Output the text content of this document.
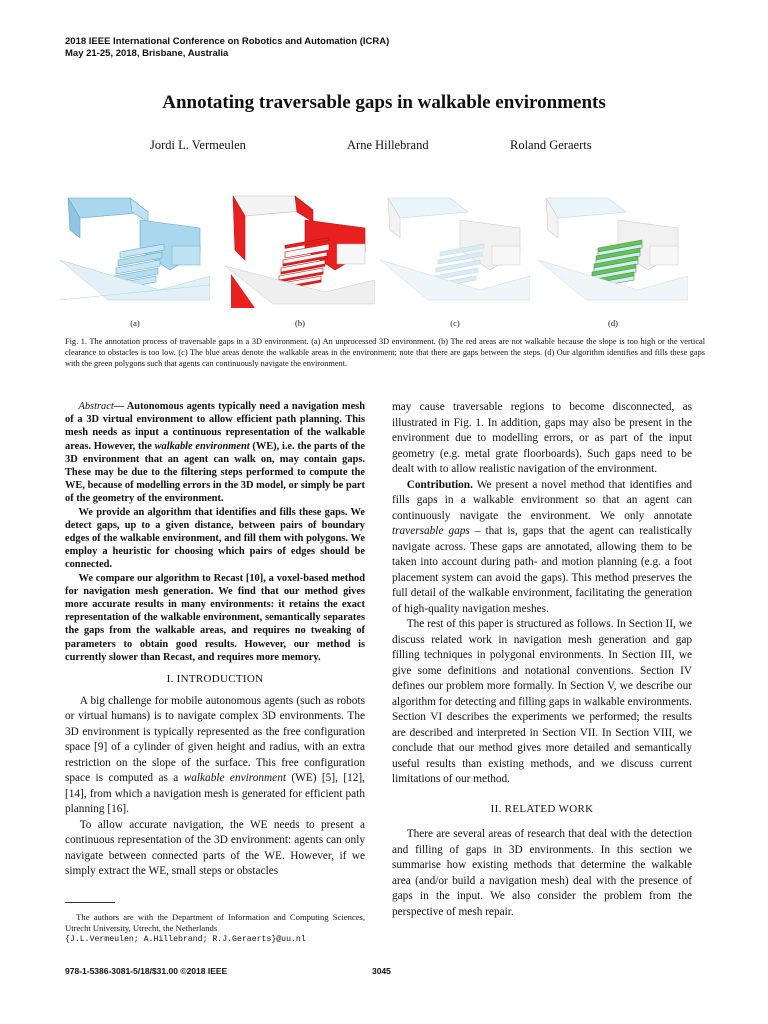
2018 IEEE International Conference on Robotics and Automation (ICRA)
May 21-25, 2018, Brisbane, Australia
Annotating traversable gaps in walkable environments
Jordi L. Vermeulen	Arne Hillebrand	Roland Geraerts
(a)	(b)	(c)	(d)
Fig. 1. The annotation process of traversable gaps in a 3D environment. (a) An unprocessed 3D environment. (b) The red areas are not walkable because the slope is too high or the vertical clearance to obstacles is too low. (c) The blue areas denote the walkable areas in the environment; note that there are gaps between the steps. (d) Our algorithm identifies and fills these gaps with the green polygons such that agents can continuously navigate the environment.

Abstract— Autonomous agents typically need a navigation mesh of a 3D virtual environment to allow efficient path planning. This mesh needs as input a continuous representation of the walkable areas. However, the walkable environment (WE), i.e. the parts of the 3D environment that an agent can walk on, may contain gaps. These may be due to the filtering steps performed to compute the WE, because of modelling errors in the 3D model, or simply be part of the geometry of the environment.

We provide an algorithm that identifies and fills these gaps. We detect gaps, up to a given distance, between pairs of boundary edges of the walkable environment, and fill them with polygons. We employ a heuristic for choosing which pairs of edges should be connected.

We compare our algorithm to Recast [10], a voxel-based method for navigation mesh generation. We find that our method gives more accurate results in many environments: it retains the exact representation of the walkable environment, semantically separates the gaps from the walkable areas, and requires no tweaking of parameters to obtain good results. However, our method is currently slower than Recast, and requires more memory.

I. INTRODUCTION

A big challenge for mobile autonomous agents (such as robots or virtual humans) is to navigate complex 3D environments. The 3D environment is typically represented as the free configuration space [9] of a cylinder of given height and radius, with an extra restriction on the slope of the surface. This free configuration space is computed as a walkable environment (WE) [5], [12], [14], from which a navigation mesh is generated for efficient path planning [16].

To allow accurate navigation, the WE needs to present a continuous representation of the 3D environment: agents can only navigate between connected parts of the WE. However, if we simply extract the WE, small steps or obstacles

The authors are with the Department of Information and Computing Sciences, Utrecht University, Utrecht, the Netherlands
{J.L.Vermeulen; A.Hillebrand; R.J.Geraerts}@uu.nl

may cause traversable regions to become disconnected, as illustrated in Fig. 1. In addition, gaps may also be present in the environment due to modelling errors, or as part of the input geometry (e.g. metal grate floorboards). Such gaps need to be dealt with to allow realistic navigation of the environment.

Contribution. We present a novel method that identifies and fills gaps in a walkable environment so that an agent can continuously navigate the environment. We only annotate traversable gaps – that is, gaps that the agent can realistically navigate across. These gaps are annotated, allowing them to be taken into account during path- and motion planning (e.g. a foot placement system can avoid the gaps). This method preserves the full detail of the walkable environment, facilitating the generation of high-quality navigation meshes.

The rest of this paper is structured as follows. In Section II, we discuss related work in navigation mesh generation and gap filling techniques in polygonal environments. In Section III, we give some definitions and notational conventions. Section IV defines our problem more formally. In Section V, we describe our algorithm for detecting and filling gaps in walkable environments. Section VI describes the experiments we performed; the results are described and interpreted in Section VII. In Section VIII, we conclude that our method gives more detailed and semantically useful results than existing methods, and we discuss current limitations of our method.

II. RELATED WORK

There are several areas of research that deal with the detection and filling of gaps in 3D environments. In this section we summarise how existing methods that determine the walkable area (and/or build a navigation mesh) deal with the presence of gaps in the input. We also consider the problem from the perspective of mesh repair.

978-1-5386-3081-5/18/$31.00 ©2018 IEEE	3045
